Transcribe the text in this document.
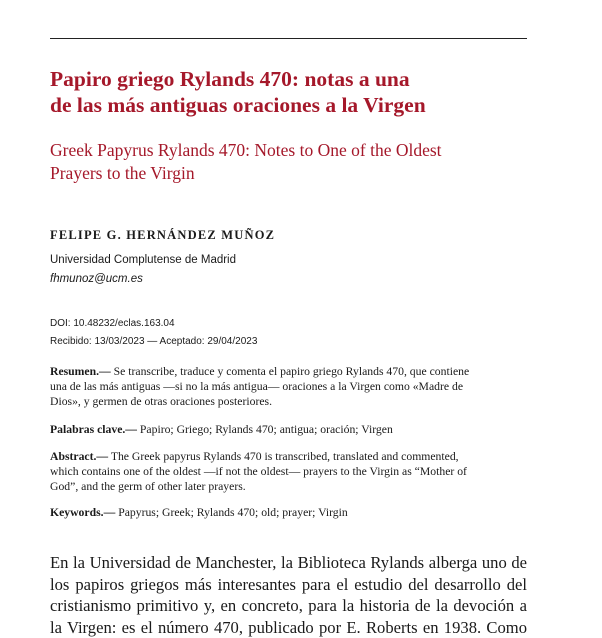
Papiro griego Rylands 470: notas a una
de las más antiguas oraciones a la Virgen
Greek Papyrus Rylands 470: Notes to One of the Oldest
Prayers to the Virgin
FELIPE G. HERNÁNDEZ MUÑOZ
Universidad Complutense de Madrid
fhmunoz@ucm.es
DOI: 10.48232/eclas.163.04
Recibido: 13/03/2023 — Aceptado: 29/04/2023

Resumen.— Se transcribe, traduce y comenta el papiro griego Rylands 470, que contiene
una de las más antiguas —si no la más antigua— oraciones a la Virgen como «Madre de
Dios», y germen de otras oraciones posteriores.

Palabras clave.— Papiro; Griego; Rylands 470; antigua; oración; Virgen

Abstract.— The Greek papyrus Rylands 470 is transcribed, translated and commented,
which contains one of the oldest —if not the oldest— prayers to the Virgin as “Mother of
God”, and the germ of other later prayers.

Keywords.— Papyrus; Greek; Rylands 470; old; prayer; Virgin

En la Universidad de Manchester, la Biblioteca Rylands alberga uno de
los papiros griegos más interesantes para el estudio del desarrollo del
cristianismo primitivo y, en concreto, para la historia de la devoción a
la Virgen: es el número 470, publicado por E. Roberts en 1938. Como
